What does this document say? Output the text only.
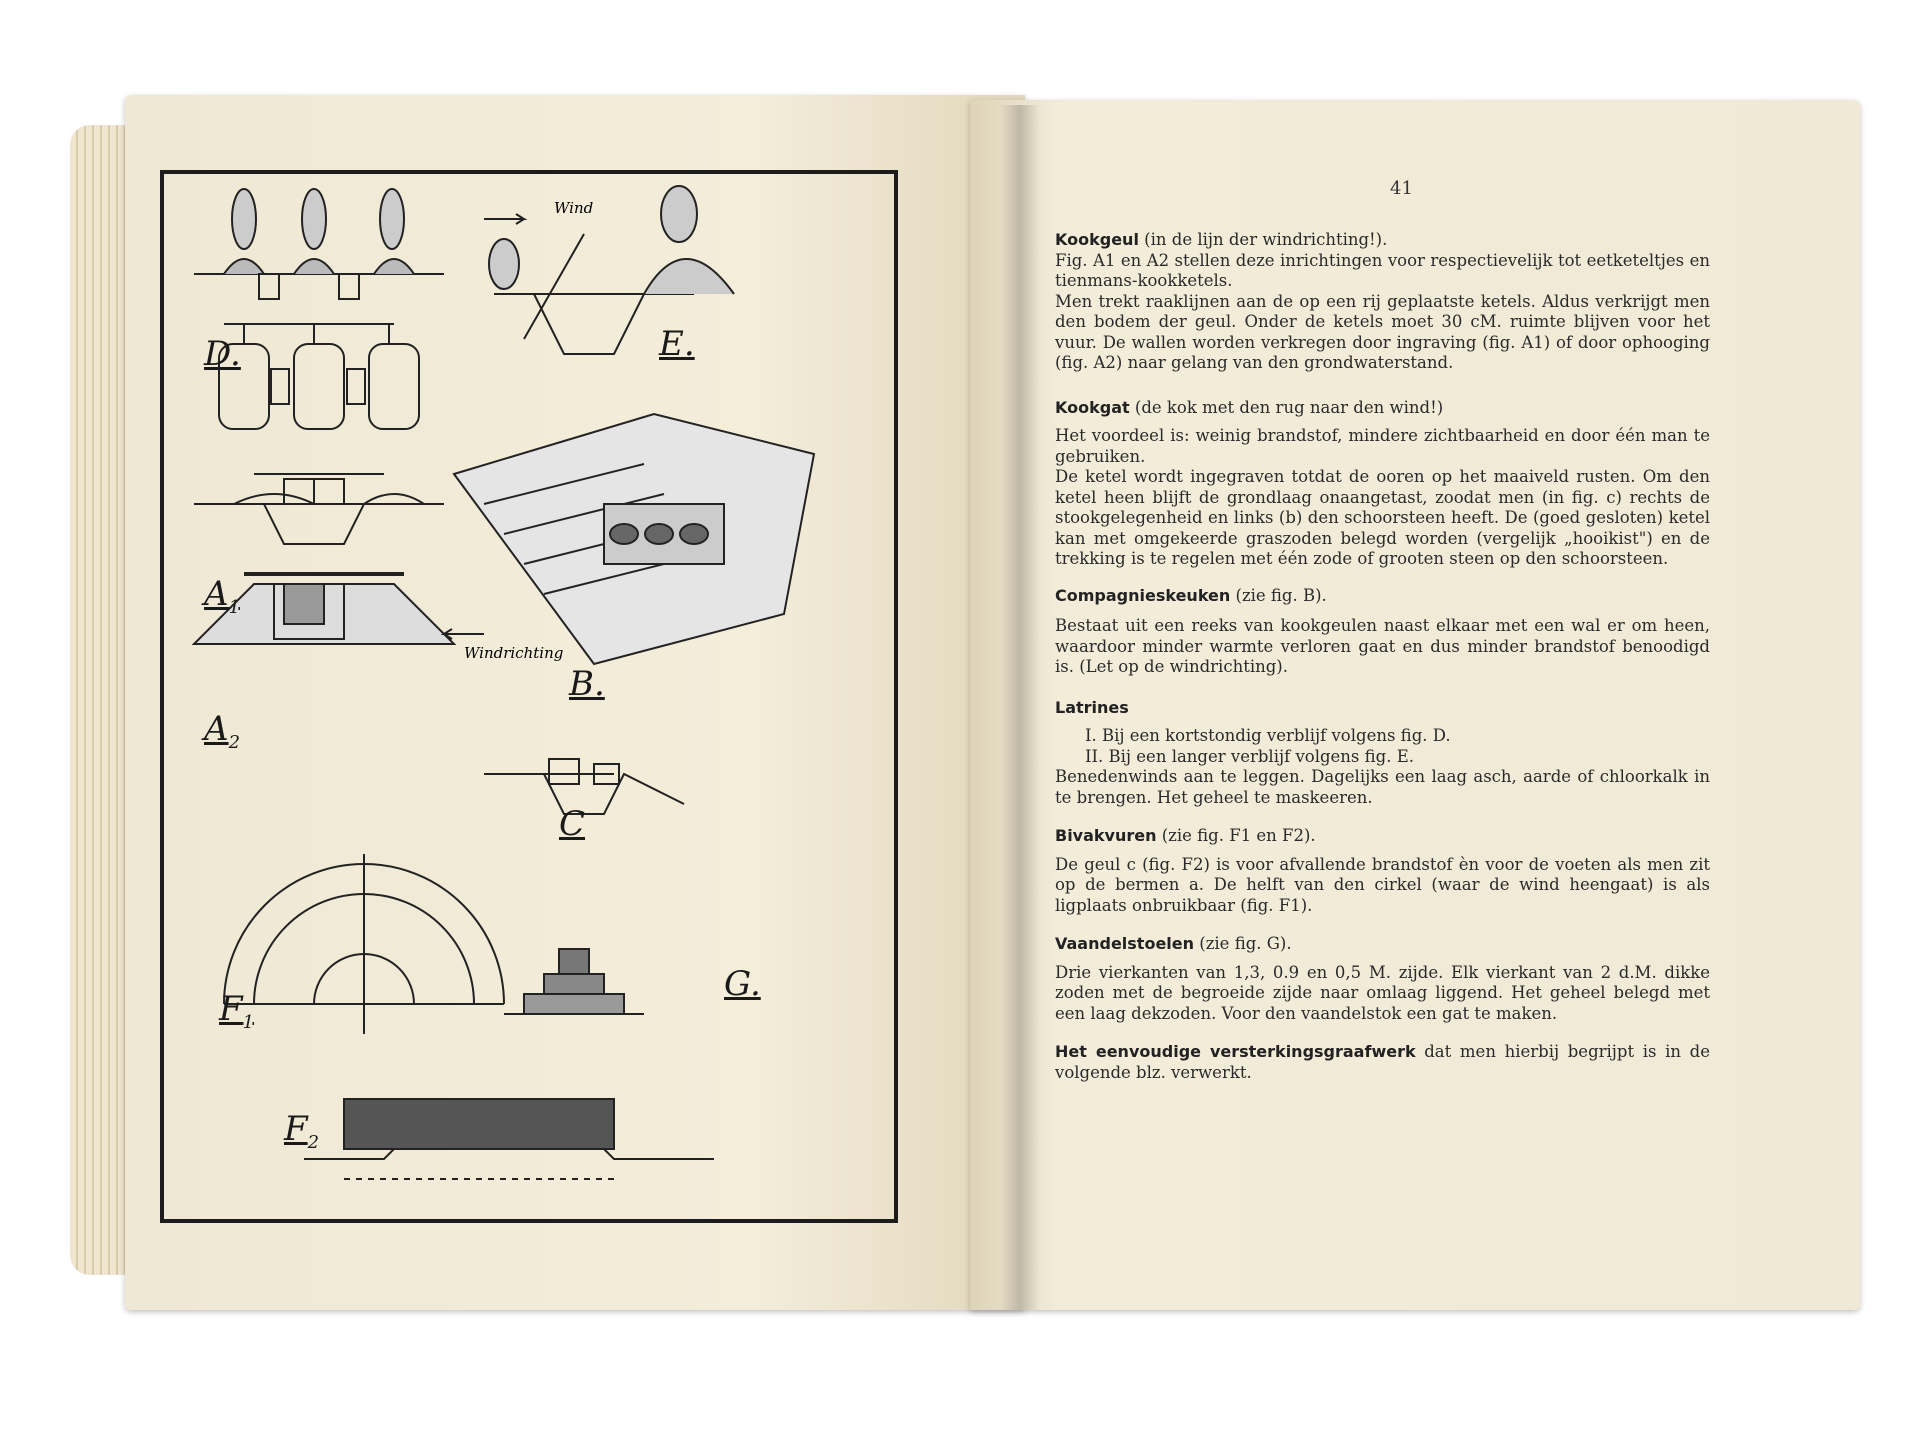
D.	E.
$A_1$
$A_2$
B.
C
$F_1$
G.
$F_2$
Wind
Windrichting
41

Kookgeul (in de lijn der windrichting!).

Fig. A1 en A2 stellen deze inrichtingen voor respectievelijk tot eetketeltjes en tienmans-kookketels.

Men trekt raaklijnen aan de op een rij geplaatste ketels. Aldus verkrijgt men den bodem der geul. Onder de ketels moet 30 cM. ruimte blijven voor het vuur. De wallen worden verkregen door ingraving (fig. A1) of door ophooging (fig. A2) naar gelang van den grondwaterstand.

Kookgat (de kok met den rug naar den wind!)

Het voordeel is: weinig brandstof, mindere zichtbaarheid en door één man te gebruiken.

De ketel wordt ingegraven totdat de ooren op het maaiveld rusten. Om den ketel heen blijft de grondlaag onaangetast, zoodat men (in fig. c) rechts de stookgelegenheid en links (b) den schoorsteen heeft. De (goed gesloten) ketel kan met omgekeerde graszoden belegd worden (vergelijk „hooikist") en de trekking is te regelen met één zode of grooten steen op den schoorsteen.

Compagnieskeuken (zie fig. B).

Bestaat uit een reeks van kookgeulen naast elkaar met een wal er om heen, waardoor minder warmte verloren gaat en dus minder brandstof benoodigd is. (Let op de windrichting).

Latrines

I. Bij een kortstondig verblijf volgens fig. D.

II. Bij een langer verblijf volgens fig. E.

Benedenwinds aan te leggen. Dagelijks een laag asch, aarde of chloorkalk in te brengen. Het geheel te maskeeren.

Bivakvuren (zie fig. F1 en F2).

De geul c (fig. F2) is voor afvallende brandstof èn voor de voeten als men zit op de bermen a. De helft van den cirkel (waar de wind heengaat) is als ligplaats onbruikbaar (fig. F1).

Vaandelstoelen (zie fig. G).

Drie vierkanten van 1,3, 0.9 en 0,5 M. zijde. Elk vierkant van 2 d.M. dikke zoden met de begroeide zijde naar omlaag liggend. Het geheel belegd met een laag dekzoden. Voor den vaandelstok een gat te maken.

Het eenvoudige versterkingsgraafwerk dat men hierbij begrijpt is in de volgende blz. verwerkt.
